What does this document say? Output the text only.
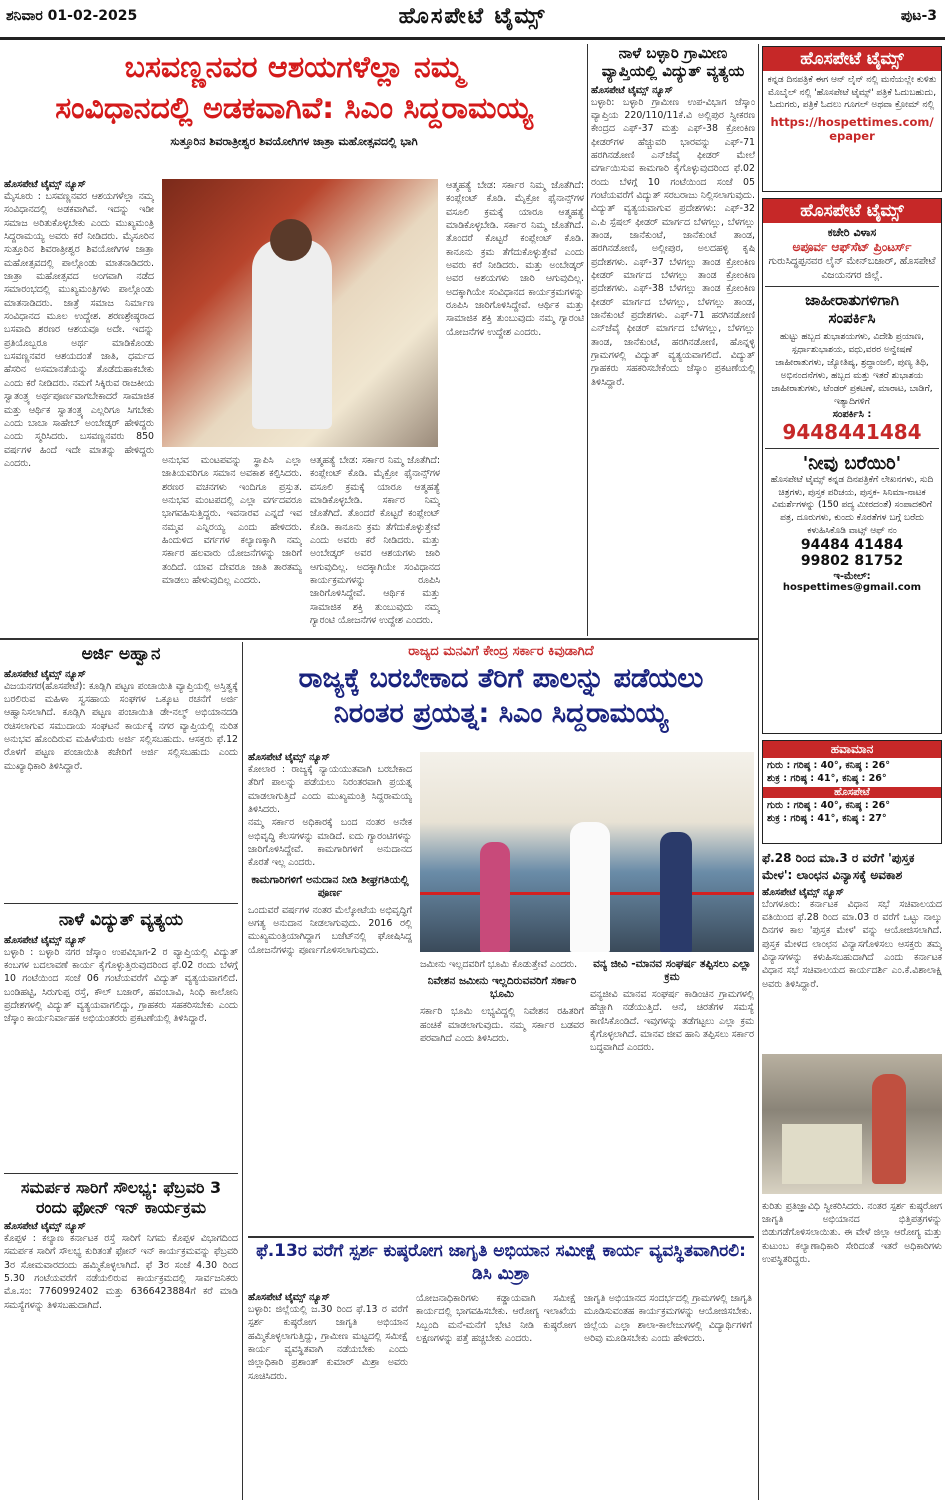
ಶನಿವಾರ 01-02-2025	ಹೊಸಪೇಟೆ ಟೈಮ್ಸ್	ಪುಟ-3
ಬಸವಣ್ಣನವರ ಆಶಯಗಳೆಲ್ಲಾ ನಮ್ಮ
ಸಂವಿಧಾನದಲ್ಲಿ ಅಡಕವಾಗಿವೆ: ಸಿಎಂ ಸಿದ್ದರಾಮಯ್ಯ
ಸುತ್ತೂರಿನ ಶಿವರಾತ್ರೀಶ್ವರ ಶಿವಯೋಗಿಗಳ ಜಾತ್ರಾ ಮಹೋತ್ಸವದಲ್ಲಿ ಭಾಗಿ
ಹೊಸಪೇಟೆ ಟೈಮ್ಸ್ ನ್ಯೂಸ್
ಮೈಸೂರು : ಬಸವಣ್ಣನವರ ಆಶಯಗಳೆಲ್ಲಾ ನಮ್ಮ ಸಂವಿಧಾನದಲ್ಲಿ ಅಡಕವಾಗಿವೆ. ಇದನ್ನು ಇಡೀ ಸಮಾಜ ಅರಿತುಕೊಳ್ಳಬೇಕು ಎಂದು ಮುಖ್ಯಮಂತ್ರಿ ಸಿದ್ದರಾಮಯ್ಯ ಅವರು ಕರೆ ನೀಡಿದರು. ಮೈಸೂರಿನ ಸುತ್ತೂರಿನ ಶಿವರಾತ್ರೀಶ್ವರ ಶಿವಯೋಗಿಗಳ ಜಾತ್ರಾ ಮಹೋತ್ಸವದಲ್ಲಿ ಪಾಲ್ಗೊಂಡು ಮಾತನಾಡಿದರು. ಜಾತ್ರಾ ಮಹೋತ್ಸವದ ಅಂಗವಾಗಿ ನಡೆದ ಸಮಾರಂಭದಲ್ಲಿ ಮುಖ್ಯಮಂತ್ರಿಗಳು ಪಾಲ್ಗೊಂಡು ಮಾತನಾಡಿದರು. ಜಾತ್ರೆ ಸಮಾಜ ನಿರ್ಮಾಣ ಸಂವಿಧಾನದ ಮೂಲ ಉದ್ದೇಶ. ಶರಣಶ್ರೇಷ್ಠರಾದ ಬಸವಾದಿ ಶರಣರ ಆಶಯವೂ ಅದೇ. ಇದನ್ನು ಪ್ರತಿಯೊಬ್ಬರೂ ಅರ್ಥ ಮಾಡಿಕೊಂಡು ಬಸವಣ್ಣನವರ ಆಶಯದಂತೆ ಜಾತಿ, ಧರ್ಮದ ಹೆಸರಿನ ಅಸಮಾನತೆಯನ್ನು ತೊಡೆದುಹಾಕಬೇಕು ಎಂದು ಕರೆ ನೀಡಿದರು. ನಮಗೆ ಸಿಕ್ಕಿರುವ ರಾಜಕೀಯ ಸ್ವಾತಂತ್ರ್ಯ ಅರ್ಥಪೂರ್ಣವಾಗಬೇಕಾದರೆ ಸಾಮಾಜಿಕ ಮತ್ತು ಆರ್ಥಿಕ ಸ್ವಾತಂತ್ರ್ಯ ಎಲ್ಲರಿಗೂ ಸಿಗಬೇಕು ಎಂದು ಬಾಬಾ ಸಾಹೇಬ್ ಅಂಬೇಡ್ಕರ್ ಹೇಳಿದ್ದರು ಎಂದು ಸ್ಮರಿಸಿದರು. ಬಸವಣ್ಣನವರು 850 ವರ್ಷಗಳ ಹಿಂದೆ ಇದೇ ಮಾತನ್ನು ಹೇಳಿದ್ದರು ಎಂದರು.	ಅನುಭವ ಮಂಟಪವನ್ನು ಸ್ಥಾಪಿಸಿ ಎಲ್ಲಾ ಜಾತಿಯವರಿಗೂ ಸಮಾನ ಅವಕಾಶ ಕಲ್ಪಿಸಿದರು. ಶರಣರ ವಚನಗಳು ಇಂದಿಗೂ ಪ್ರಸ್ತುತ. ಅನುಭವ ಮಂಟಪದಲ್ಲಿ ಎಲ್ಲಾ ವರ್ಗದವರೂ ಭಾಗವಹಿಸುತ್ತಿದ್ದರು. ಇವನಾರವ ಎನ್ನದೆ ಇವ ನಮ್ಮವ ಎನ್ನಿರಯ್ಯ ಎಂದು ಹೇಳಿದರು. ಹಿಂದುಳಿದ ವರ್ಗಗಳ ಕಲ್ಯಾಣಕ್ಕಾಗಿ ನಮ್ಮ ಸರ್ಕಾರ ಹಲವಾರು ಯೋಜನೆಗಳನ್ನು ಜಾರಿಗೆ ತಂದಿದೆ. ಯಾವ ದೇವರೂ ಜಾತಿ ತಾರತಮ್ಯ ಮಾಡಲು ಹೇಳುವುದಿಲ್ಲ ಎಂದರು.
ಆತ್ಮಹತ್ಯೆ ಬೇಡ: ಸರ್ಕಾರ ನಿಮ್ಮ ಜೊತೆಗಿದೆ: ಕಂಪ್ಲೇಂಟ್ ಕೊಡಿ. ಮೈಕ್ರೋ ಫೈನಾನ್ಸ್‌ಗಳ ವಸೂಲಿ ಕ್ರಮಕ್ಕೆ ಯಾರೂ ಆತ್ಮಹತ್ಯೆ ಮಾಡಿಕೊಳ್ಳಬೇಡಿ. ಸರ್ಕಾರ ನಿಮ್ಮ ಜೊತೆಗಿದೆ. ತೊಂದರೆ ಕೊಟ್ಟರೆ ಕಂಪ್ಲೇಂಟ್ ಕೊಡಿ. ಕಾನೂನು ಕ್ರಮ ತೆಗೆದುಕೊಳ್ಳುತ್ತೇವೆ ಎಂದು ಅವರು ಕರೆ ನೀಡಿದರು. ಮತ್ತು ಅಂಬೇಡ್ಕರ್ ಅವರ ಆಶಯಗಳು ಜಾರಿ ಆಗುವುದಿಲ್ಲ. ಅದಕ್ಕಾಗಿಯೇ ಸಂವಿಧಾನದ ಕಾರ್ಯಕ್ರಮಗಳನ್ನು ರೂಪಿಸಿ ಜಾರಿಗೊಳಿಸಿದ್ದೇವೆ. ಆರ್ಥಿಕ ಮತ್ತು ಸಾಮಾಜಿಕ ಶಕ್ತಿ ತುಂಬುವುದು ನಮ್ಮ ಗ್ಯಾರಂಟಿ ಯೋಜನೆಗಳ ಉದ್ದೇಶ ಎಂದರು.
ಆತ್ಮಹತ್ಯೆ ಬೇಡ: ಸರ್ಕಾರ ನಿಮ್ಮ ಜೊತೆಗಿದೆ: ಕಂಪ್ಲೇಂಟ್ ಕೊಡಿ. ಮೈಕ್ರೋ ಫೈನಾನ್ಸ್‌ಗಳ ವಸೂಲಿ ಕ್ರಮಕ್ಕೆ ಯಾರೂ ಆತ್ಮಹತ್ಯೆ ಮಾಡಿಕೊಳ್ಳಬೇಡಿ. ಸರ್ಕಾರ ನಿಮ್ಮ ಜೊತೆಗಿದೆ. ತೊಂದರೆ ಕೊಟ್ಟರೆ ಕಂಪ್ಲೇಂಟ್ ಕೊಡಿ. ಕಾನೂನು ಕ್ರಮ ತೆಗೆದುಕೊಳ್ಳುತ್ತೇವೆ ಎಂದು ಅವರು ಕರೆ ನೀಡಿದರು. ಮತ್ತು ಅಂಬೇಡ್ಕರ್ ಅವರ ಆಶಯಗಳು ಜಾರಿ ಆಗುವುದಿಲ್ಲ. ಅದಕ್ಕಾಗಿಯೇ ಸಂವಿಧಾನದ ಕಾರ್ಯಕ್ರಮಗಳನ್ನು ರೂಪಿಸಿ ಜಾರಿಗೊಳಿಸಿದ್ದೇವೆ. ಆರ್ಥಿಕ ಮತ್ತು ಸಾಮಾಜಿಕ ಶಕ್ತಿ ತುಂಬುವುದು ನಮ್ಮ ಗ್ಯಾರಂಟಿ ಯೋಜನೆಗಳ ಉದ್ದೇಶ ಎಂದರು.
ನಾಳೆ ಬಳ್ಳಾರಿ ಗ್ರಾಮೀಣ ವ್ಯಾಪ್ತಿಯಲ್ಲಿ ವಿದ್ಯುತ್ ವ್ಯತ್ಯಯ
ಹೊಸಪೇಟೆ ಟೈಮ್ಸ್ ನ್ಯೂಸ್
ಬಳ್ಳಾರಿ: ಬಳ್ಳಾರಿ ಗ್ರಾಮೀಣ ಉಪ-ವಿಭಾಗ ಜೆಸ್ಕಾಂ ವ್ಯಾಪ್ತಿಯ 220/110/11ಕೆ.ವಿ ಅಲ್ಲಿಪುರ ಸ್ವೀಕರಣ ಕೇಂದ್ರದ ಎಫ್-37 ಮತ್ತು ಎಫ್-38 ಕ್ರೋಂಕಿಣ ಫೀಡರ್‌ಗಳ ಹೆಚ್ಚುವರಿ ಭಾರವನ್ನು ಎಫ್-71 ಹರಗಿನಡೋಣಿ ಎನ್‌ಜೆವೈ ಫೀಡರ್ ಮೇಲೆ ವರ್ಗಾಯಿಸುವ ಕಾಮಗಾರಿ ಕೈಗೊಳ್ಳುವುದರಿಂದ ಫೆ.02 ರಂದು ಬೆಳಗ್ಗೆ 10 ಗಂಟೆಯಿಂದ ಸಂಜೆ 05 ಗಂಟೆಯವರೆಗೆ ವಿದ್ಯುತ್ ಸರಬರಾಜು ನಿಲ್ಲಿಸಲಾಗುವುದು. ವಿದ್ಯುತ್ ವ್ಯತ್ಯಯವಾಗುವ ಪ್ರದೇಶಗಳು: ಎಫ್-32 ಎ.ಪಿ ಸ್ಪೆಷಲ್ ಫೀಡರ್ ಮಾರ್ಗದ ಬೆಳಗಲ್ಲು, ಬೆಳಗಲ್ಲು ತಾಂಡ, ಜಾನೆಕುಂಟೆ, ಜಾನೆಕುಂಟೆ ತಾಂಡ, ಹರಗಿನಡೋಣಿ, ಅಲ್ಲೀಪುರ, ಅಲದಹಳ್ಳಿ ಕೃಷಿ ಪ್ರದೇಶಗಳು. ಎಫ್-37 ಬೆಳಗಲ್ಲು ತಾಂಡ ಕ್ರೋಂಕಿಣ ಫೀಡರ್ ಮಾರ್ಗದ ಬೆಳಗಲ್ಲು ತಾಂಡ ಕ್ರೋಂಕಿಣ ಪ್ರದೇಶಗಳು. ಎಫ್-38 ಬೆಳಗಲ್ಲು ತಾಂಡ ಕ್ರೋಂಕಿಣ ಫೀಡರ್ ಮಾರ್ಗದ ಬೆಳಗಲ್ಲು, ಬೆಳಗಲ್ಲು ತಾಂಡ, ಜಾನೆಕುಂಟೆ ಪ್ರದೇಶಗಳು. ಎಫ್-71 ಹರಗಿನಡೋಣಿ ಎನ್‌ಜೆವೈ ಫೀಡರ್ ಮಾರ್ಗದ ಬೆಳಗಲ್ಲು, ಬೆಳಗಲ್ಲು ತಾಂಡ, ಜಾನೆಕುಂಟೆ, ಹರಗಿನಡೋಣಿ, ಹೊನ್ನಳ್ಳಿ ಗ್ರಾಮಗಳಲ್ಲಿ ವಿದ್ಯುತ್ ವ್ಯತ್ಯಯವಾಗಲಿದೆ. ವಿದ್ಯುತ್ ಗ್ರಾಹಕರು ಸಹಕರಿಸಬೇಕೆಂದು ಜೆಸ್ಕಾಂ ಪ್ರಕಟಣೆಯಲ್ಲಿ ತಿಳಿಸಿದ್ದಾರೆ.
ಹೊಸಪೇಟೆ ಟೈಮ್ಸ್
ಕನ್ನಡ ದಿನಪತ್ರಿಕೆ ಈಗ ಆನ್ ಲೈನ್ ನಲ್ಲಿ ಮನೆಯಲ್ಲೇ ಕುಳಿತು ಮೊಬೈಲ್ ನಲ್ಲಿ 'ಹೊಸಪೇಟೆ ಟೈಮ್ಸ್' ಪತ್ರಿಕೆ ಓದುಬಹುದು, ಓದುಗರು, ಪತ್ರಿಕೆ ಓದಲು ಗೂಗಲ್ ಅಥವಾ ಕ್ರೋಮ್ ನಲ್ಲಿ
https://hospettimes.com/
epaper
ಹೊಸಪೇಟೆ ಟೈಮ್ಸ್
ಕಚೇರಿ ವಿಳಾಸ
ಅಪೂರ್ವ ಆಫ್‌ಸೆಟ್ ಪ್ರಿಂಟರ್ಸ್
ಗುರುಸಿದ್ಧಪ್ಪನವರ ಲೈನ್ ಮೇನ್‌ಬಜಾರ್, ಹೊಸಪೇಟೆ ವಿಜಯನಗರ ಜಿಲ್ಲೆ.
ಜಾಹೀರಾತುಗಳಿಗಾಗಿ
ಸಂಪರ್ಕಿಸಿ
ಹುಟ್ಟು ಹಬ್ಬದ ಶುಭಾಶಯಗಳು, ವಿದೇಶಿ ಪ್ರಯಾಣ, ಸ್ಪರ್ಧಾಶುಭಾಶಯ, ವಧು,ವರರ ಅನ್ವೇಷಣೆ ಜಾಹೀರಾತುಗಳು, ಜ್ಯೋತಿಷ್ಯ, ಶ್ರದ್ಧಾಂಜಲಿ, ಪುಣ್ಯ ತಿಥಿ, ಅಭಿನಂದನೆಗಳು, ಹಬ್ಬದ ಮತ್ತು ಇತರೆ ಶುಭಾಶಯ ಜಾಹೀರಾತುಗಳು, ಟೆಂಡರ್ ಪ್ರಕಟಣೆ, ಮಾರಾಟ, ಬಾಡಿಗೆ, ಇತ್ಯಾದಿಗಳಿಗೆ
ಸಂಪರ್ಕಿಸಿ :
9448441484
'ನೀವು ಬರೆಯಿರಿ'
ಹೊಸಪೇಟೆ ಟೈಮ್ಸ್ ಕನ್ನಡ ದಿನಪತ್ರಿಕೆಗೆ ಲೇಖನಗಳು, ಸುದಿ ಚಿತ್ರಗಳು, ಪುಸ್ತಕ ಪರಿಚಯ, ಪುಸ್ತಕ- ಸಿನಿಮಾ-ನಾಟಕ ವಿಮರ್ಶೆಗಳನ್ನು (150 ಪದ್ಯ ಮೀರದಂತೆ) ಸಂಪಾದಕರಿಗೆ ಪತ್ರ, ದೂರುಗಳು, ಕುಂದು ಕೊರತೆಗಳ ಬಗ್ಗೆ ಬರೆದು ಕಳುಹಿಸಿಕೊಡಿ ವಾಟ್ಸ್ ಆಫ್ ನಂ
94484 41484
99802 81752
ಇ-ಮೇಲ್: hospettimes@gmail.com
ಹವಾಮಾನ
ಗುರು : ಗರಿಷ್ಠ : 40°, ಕನಿಷ್ಠ : 26°
ಶುಕ್ರ : ಗರಿಷ್ಠ : 41°, ಕನಿಷ್ಠ : 26°
ಹೊಸಪೇಟೆ
ಗುರು : ಗರಿಷ್ಠ : 40°, ಕನಿಷ್ಠ : 26°
ಶುಕ್ರ : ಗರಿಷ್ಠ : 41°, ಕನಿಷ್ಠ : 27°
ಫೆ.28 ರಿಂದ ಮಾ.3 ರ ವರೆಗೆ 'ಪುಸ್ತಕ ಮೇಳ': ಲಾಂಛನ ವಿನ್ಯಾಸಕ್ಕೆ ಅವಕಾಶ
ಹೊಸಪೇಟೆ ಟೈಮ್ಸ್ ನ್ಯೂಸ್
ಬೆಂಗಳೂರು: ಕರ್ನಾಟಕ ವಿಧಾನ ಸಭೆ ಸಚಿವಾಲಯದ ವತಿಯಿಂದ ಫೆ.28 ರಿಂದ ಮಾ.03 ರ ವರೆಗೆ ಒಟ್ಟು ನಾಲ್ಕು ದಿನಗಳ ಕಾಲ 'ಪುಸ್ತಕ ಮೇಳ' ವನ್ನು ಆಯೋಜಿಸಲಾಗಿದೆ. ಪುಸ್ತಕ ಮೇಳದ ಲಾಂಛನ ವಿನ್ಯಾಸಗೊಳಿಸಲು ಆಸಕ್ತರು ತಮ್ಮ ವಿನ್ಯಾಸಗಳನ್ನು ಕಳುಹಿಸಬಹುದಾಗಿದೆ ಎಂದು ಕರ್ನಾಟಕ ವಿಧಾನ ಸಭೆ ಸಚಿವಾಲಯದ ಕಾರ್ಯದರ್ಶಿ ಎಂ.ಕೆ.ವಿಶಾಲಾಕ್ಷಿ ಅವರು ತಿಳಿಸಿದ್ದಾರೆ.
ಕುರಿತು ಪ್ರತಿಜ್ಞಾವಿಧಿ ಸ್ವೀಕರಿಸಿದರು. ನಂತರ ಸ್ಪರ್ಶ ಕುಷ್ಠರೋಗ ಜಾಗೃತಿ ಅಭಿಯಾನದ ಭಿತ್ತಿಪತ್ರಗಳನ್ನು ಬಿಡುಗಡೆಗೊಳಿಸಲಾಯಿತು. ಈ ವೇಳೆ ಜಿಲ್ಲಾ ಆರೋಗ್ಯ ಮತ್ತು ಕುಟುಂಬ ಕಲ್ಯಾಣಾಧಿಕಾರಿ ಸೇರಿದಂತೆ ಇತರೆ ಅಧಿಕಾರಿಗಳು ಉಪಸ್ಥಿತರಿದ್ದರು.
ಅರ್ಜಿ ಅಹ್ವಾನ
ಹೊಸಪೇಟೆ ಟೈಮ್ಸ್ ನ್ಯೂಸ್
ವಿಜಯನಗರ(ಹೊಸಪೇಟೆ): ಕೂಡ್ಲಿಗಿ ಪಟ್ಟಣ ಪಂಚಾಯಿತಿ ವ್ಯಾಪ್ತಿಯಲ್ಲಿ ಅಸ್ತಿತ್ವಕ್ಕೆ ಬರಲಿರುವ ಮಹಿಳಾ ಸ್ವಸಹಾಯ ಸಂಘಗಳ ಒಕ್ಕೂಟ ರಚನೆಗೆ ಅರ್ಜಿ ಆಹ್ವಾನಿಸಲಾಗಿದೆ. ಕೂಡ್ಲಿಗಿ ಪಟ್ಟಣ ಪಂಚಾಯಿತಿ ಡೇ-ನಲ್ಮ್ ಅಭಿಯಾನದಡಿ ರಚಿಸಲಾಗುವ ಸಮುದಾಯ ಸಂಘಟನೆ ಕಾರ್ಯಕ್ಕೆ ನಗರ ವ್ಯಾಪ್ತಿಯಲ್ಲಿ ನುರಿತ ಅನುಭವ ಹೊಂದಿರುವ ಮಹಿಳೆಯರು ಅರ್ಜಿ ಸಲ್ಲಿಸಬಹುದು. ಆಸಕ್ತರು ಫೆ.12 ರೊಳಗೆ ಪಟ್ಟಣ ಪಂಚಾಯಿತಿ ಕಚೇರಿಗೆ ಅರ್ಜಿ ಸಲ್ಲಿಸಬಹುದು ಎಂದು ಮುಖ್ಯಾಧಿಕಾರಿ ತಿಳಿಸಿದ್ದಾರೆ.
ನಾಳೆ ವಿದ್ಯುತ್ ವ್ಯತ್ಯಯ
ಹೊಸಪೇಟೆ ಟೈಮ್ಸ್ ನ್ಯೂಸ್
ಬಳ್ಳಾರಿ : ಬಳ್ಳಾರಿ ನಗರ ಜೆಸ್ಕಾಂ ಉಪವಿಭಾಗ-2 ರ ವ್ಯಾಪ್ತಿಯಲ್ಲಿ ವಿದ್ಯುತ್ ಕಂಬಗಳ ಬದಲಾವಣೆ ಕಾರ್ಯ ಕೈಗೊಳ್ಳುತ್ತಿರುವುದರಿಂದ ಫೆ.02 ರಂದು ಬೆಳಗ್ಗೆ 10 ಗಂಟೆಯಿಂದ ಸಂಜೆ 06 ಗಂಟೆಯವರೆಗೆ ವಿದ್ಯುತ್ ವ್ಯತ್ಯಯವಾಗಲಿದೆ. ಬಂಡಿಹಟ್ಟಿ, ಸಿರುಗುಪ್ಪ ರಸ್ತೆ, ಕೌಲ್ ಬಜಾರ್, ಹವಂಬಾವಿ, ಸಿಂಧಿ ಕಾಲೋನಿ ಪ್ರದೇಶಗಳಲ್ಲಿ ವಿದ್ಯುತ್ ವ್ಯತ್ಯಯವಾಗಲಿದ್ದು, ಗ್ರಾಹಕರು ಸಹಕರಿಸಬೇಕು ಎಂದು ಜೆಸ್ಕಾಂ ಕಾರ್ಯನಿರ್ವಾಹಕ ಅಭಿಯಂತರರು ಪ್ರಕಟಣೆಯಲ್ಲಿ ತಿಳಿಸಿದ್ದಾರೆ.
ಸಮರ್ಪಕ ಸಾರಿಗೆ ಸೌಲಭ್ಯ: ಫೆಬ್ರವರಿ 3 ರಂದು ಫೋನ್ ಇನ್ ಕಾರ್ಯಕ್ರಮ
ಹೊಸಪೇಟೆ ಟೈಮ್ಸ್ ನ್ಯೂಸ್
ಕೊಪ್ಪಳ : ಕಲ್ಯಾಣ ಕರ್ನಾಟಕ ರಸ್ತೆ ಸಾರಿಗೆ ನಿಗಮ ಕೊಪ್ಪಳ ವಿಭಾಗದಿಂದ ಸಮರ್ಪಕ ಸಾರಿಗೆ ಸೌಲಭ್ಯ ಕುರಿತಂತೆ ಫೋನ್ ಇನ್ ಕಾರ್ಯಕ್ರಮವನ್ನು ಫೆಬ್ರವರಿ 3ರ ಸೋಮವಾರದಂದು ಹಮ್ಮಿಕೊಳ್ಳಲಾಗಿದೆ. ಫೆ 3ರ ಸಂಜೆ 4.30 ರಿಂದ 5.30 ಗಂಟೆಯವರೆಗೆ ನಡೆಯಲಿರುವ ಕಾರ್ಯಕ್ರಮದಲ್ಲಿ ಸಾರ್ವಜನಿಕರು ಮೊ.ಸಂ: 7760992402 ಮತ್ತು 6366423884ಗೆ ಕರೆ ಮಾಡಿ ಸಮಸ್ಯೆಗಳನ್ನು ತಿಳಿಸಬಹುದಾಗಿದೆ.
ರಾಜ್ಯದ ಮನವಿಗೆ ಕೇಂದ್ರ ಸರ್ಕಾರ ಕಿವುಡಾಗಿದೆ
ರಾಜ್ಯಕ್ಕೆ ಬರಬೇಕಾದ ತೆರಿಗೆ ಪಾಲನ್ನು ಪಡೆಯಲು
ನಿರಂತರ ಪ್ರಯತ್ನ: ಸಿಎಂ ಸಿದ್ದರಾಮಯ್ಯ
ಹೊಸಪೇಟೆ ಟೈಮ್ಸ್ ನ್ಯೂಸ್
ಕೋಲಾರ : ರಾಜ್ಯಕ್ಕೆ ನ್ಯಾಯಯುತವಾಗಿ ಬರಬೇಕಾದ ತೆರಿಗೆ ಪಾಲನ್ನು ಪಡೆಯಲು ನಿರಂತರವಾಗಿ ಪ್ರಯತ್ನ ಮಾಡಲಾಗುತ್ತಿದೆ ಎಂದು ಮುಖ್ಯಮಂತ್ರಿ ಸಿದ್ದರಾಮಯ್ಯ ತಿಳಿಸಿದರು.
ನಮ್ಮ ಸರ್ಕಾರ ಅಧಿಕಾರಕ್ಕೆ ಬಂದ ನಂತರ ಅನೇಕ ಅಭಿವೃದ್ಧಿ ಕೆಲಸಗಳನ್ನು ಮಾಡಿದೆ. ಐದು ಗ್ಯಾರಂಟಿಗಳನ್ನು ಜಾರಿಗೊಳಿಸಿದ್ದೇವೆ. ಕಾಮಗಾರಿಗಳಿಗೆ ಅನುದಾನದ ಕೊರತೆ ಇಲ್ಲ ಎಂದರು.
ಕಾಮಗಾರಿಗಳಿಗೆ ಅನುದಾನ ನೀಡಿ ಶೀಘ್ರಗತಿಯಲ್ಲಿ ಪೂರ್ಣ
ಒಂದುವರೆ ವರ್ಷಗಳ ನಂತರ ಮೆಲ್ಕೋಟೆಯ ಅಭಿವೃದ್ಧಿಗೆ ಅಗತ್ಯ ಅನುದಾನ ನೀಡಲಾಗುವುದು. 2016 ರಲ್ಲಿ ಮುಖ್ಯಮಂತ್ರಿಯಾಗಿದ್ದಾಗ ಬಜೆಟ್‌ನಲ್ಲಿ ಘೋಷಿಸಿದ್ದ ಯೋಜನೆಗಳನ್ನು ಪೂರ್ಣಗೊಳಿಸಲಾಗುವುದು.
ಜಮೀನು ಇಲ್ಲದವರಿಗೆ ಭೂಮಿ ಕೊಡುತ್ತೇವೆ ಎಂದರು.
ನಿವೇಶನ ಜಮೀನು ಇಲ್ಲದಿರುವವರಿಗೆ ಸರ್ಕಾರಿ ಭೂಮಿ
ಸರ್ಕಾರಿ ಭೂಮಿ ಲಭ್ಯವಿದ್ದಲ್ಲಿ ನಿವೇಶನ ರಹಿತರಿಗೆ ಹಂಚಿಕೆ ಮಾಡಲಾಗುವುದು. ನಮ್ಮ ಸರ್ಕಾರ ಬಡವರ ಪರವಾಗಿದೆ ಎಂದು ತಿಳಿಸಿದರು.
ವನ್ಯ ಜೀವಿ -ಮಾನವ ಸಂಘರ್ಷ ತಪ್ಪಿಸಲು ಎಲ್ಲಾ ಕ್ರಮ
ವನ್ಯಜೀವಿ ಮಾನವ ಸಂಘರ್ಷ ಕಾಡಿಂಚಿನ ಗ್ರಾಮಗಳಲ್ಲಿ ಹೆಚ್ಚಾಗಿ ನಡೆಯುತ್ತಿದೆ. ಆನೆ, ಚಿರತೆಗಳ ಸಮಸ್ಯೆ ಕಾಣಿಸಿಕೊಂಡಿದೆ. ಇವುಗಳನ್ನು ತಡೆಗಟ್ಟಲು ಎಲ್ಲಾ ಕ್ರಮ ಕೈಗೊಳ್ಳಲಾಗಿದೆ. ಮಾನವ ಜೀವ ಹಾನಿ ತಪ್ಪಿಸಲು ಸರ್ಕಾರ ಬದ್ಧವಾಗಿದೆ ಎಂದರು.
ಫೆ.13ರ ವರೆಗೆ ಸ್ಪರ್ಶ ಕುಷ್ಠರೋಗ ಜಾಗೃತಿ ಅಭಿಯಾನ ಸಮೀಕ್ಷೆ ಕಾರ್ಯ ವ್ಯವಸ್ಥಿತವಾಗಿರಲಿ: ಡಿಸಿ ಮಿಶ್ರಾ
ಹೊಸಪೇಟೆ ಟೈಮ್ಸ್ ನ್ಯೂಸ್
ಬಳ್ಳಾರಿ: ಜಿಲ್ಲೆಯಲ್ಲಿ ಜ.30 ರಿಂದ ಫೆ.13 ರ ವರೆಗೆ ಸ್ಪರ್ಶ ಕುಷ್ಠರೋಗ ಜಾಗೃತಿ ಅಭಿಯಾನ ಹಮ್ಮಿಕೊಳ್ಳಲಾಗುತ್ತಿದ್ದು, ಗ್ರಾಮೀಣ ಮಟ್ಟದಲ್ಲಿ ಸಮೀಕ್ಷೆ ಕಾರ್ಯ ವ್ಯವಸ್ಥಿತವಾಗಿ ನಡೆಯಬೇಕು ಎಂದು ಜಿಲ್ಲಾಧಿಕಾರಿ ಪ್ರಶಾಂತ್ ಕುಮಾರ್ ಮಿಶ್ರಾ ಅವರು ಸೂಚಿಸಿದರು.
ಯೋಜನಾಧಿಕಾರಿಗಳು ಕಡ್ಡಾಯವಾಗಿ ಸಮೀಕ್ಷೆ ಕಾರ್ಯದಲ್ಲಿ ಭಾಗವಹಿಸಬೇಕು. ಆರೋಗ್ಯ ಇಲಾಖೆಯ ಸಿಬ್ಬಂದಿ ಮನೆ-ಮನೆಗೆ ಭೇಟಿ ನೀಡಿ ಕುಷ್ಠರೋಗ ಲಕ್ಷಣಗಳನ್ನು ಪತ್ತೆ ಹಚ್ಚಬೇಕು ಎಂದರು.
ಜಾಗೃತಿ ಅಭಿಯಾನದ ಸಂದರ್ಭದಲ್ಲಿ ಗ್ರಾಮಗಳಲ್ಲಿ ಜಾಗೃತಿ ಮೂಡಿಸುವಂತಹ ಕಾರ್ಯಕ್ರಮಗಳನ್ನು ಆಯೋಜಿಸಬೇಕು. ಜಿಲ್ಲೆಯ ಎಲ್ಲಾ ಶಾಲಾ-ಕಾಲೇಜುಗಳಲ್ಲಿ ವಿದ್ಯಾರ್ಥಿಗಳಿಗೆ ಅರಿವು ಮೂಡಿಸಬೇಕು ಎಂದು ಹೇಳಿದರು.
